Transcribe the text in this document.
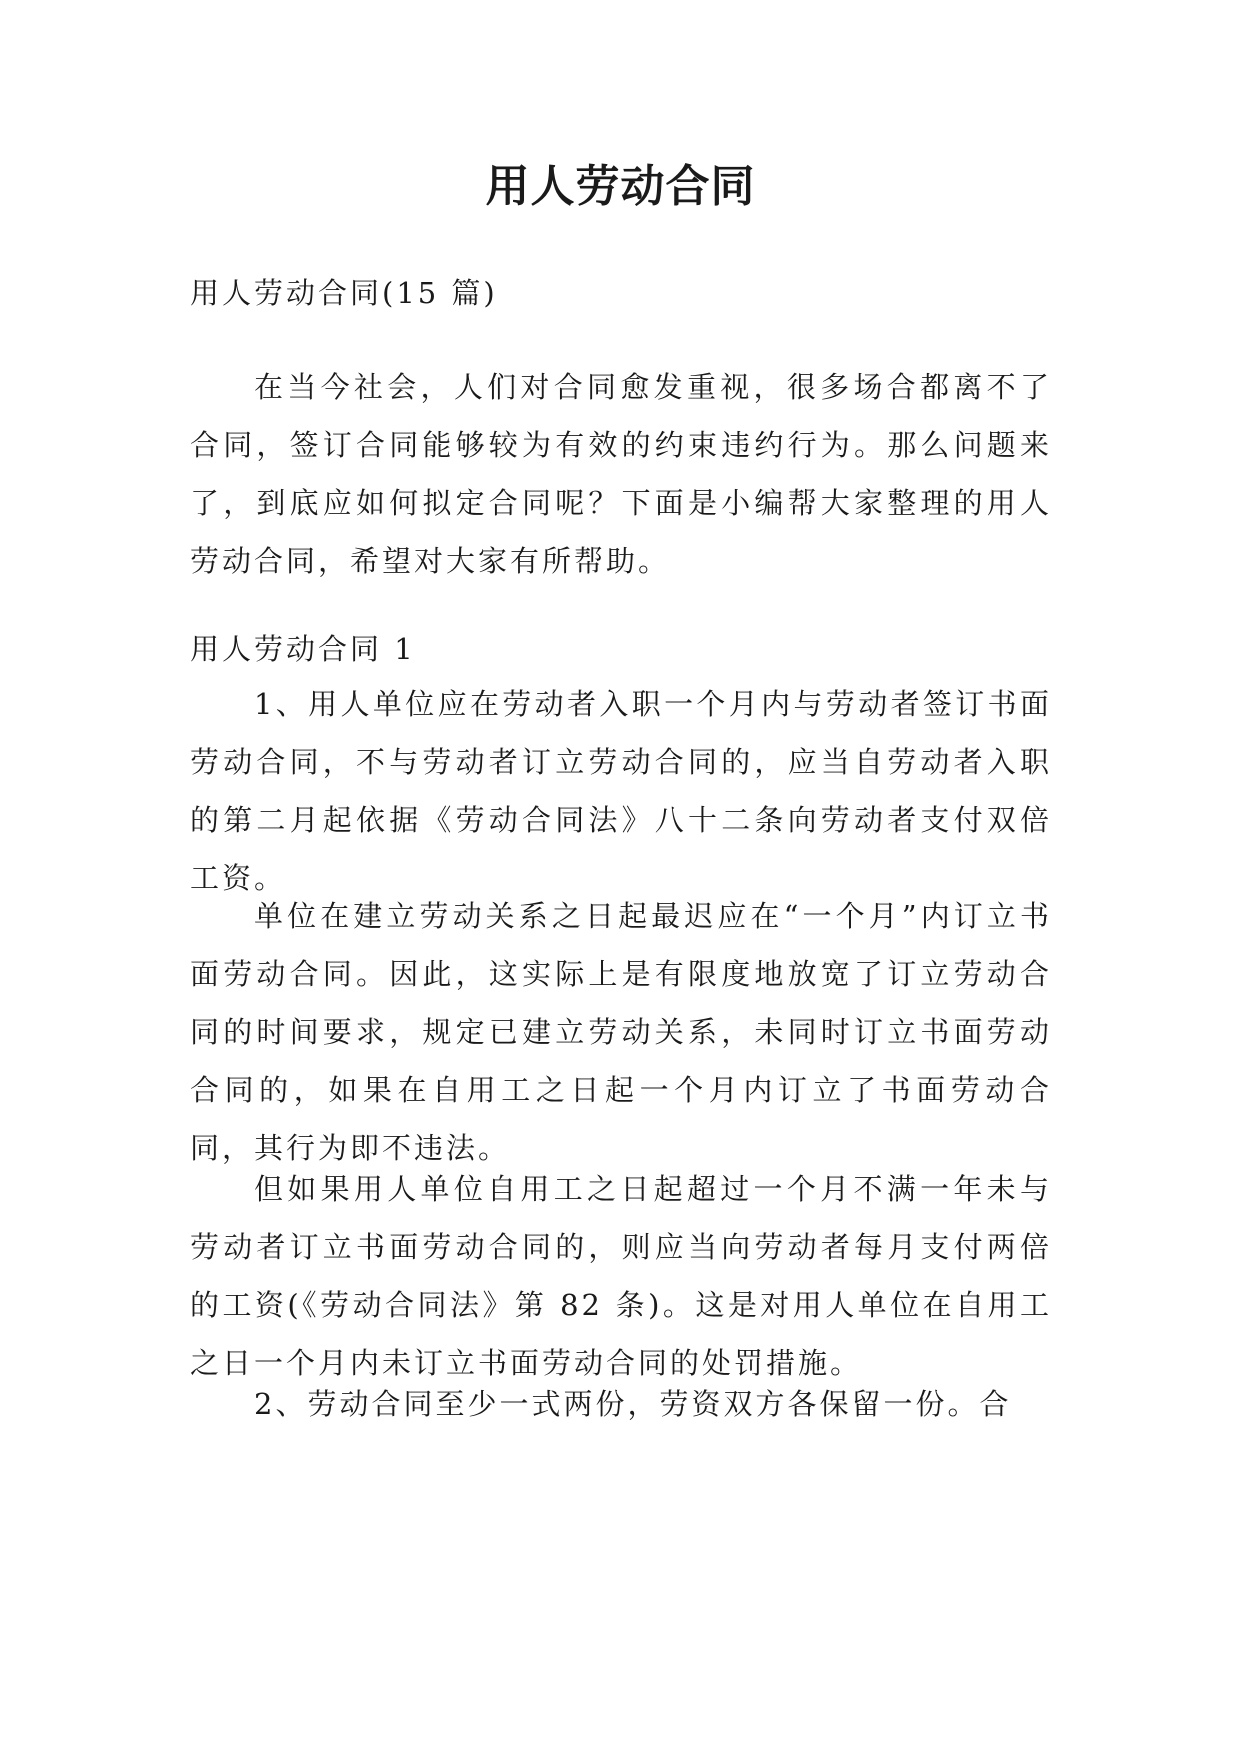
用人劳动合同

用人劳动合同(15 篇)

在当今社会，人们对合同愈发重视，很多场合都离不了合同，签订合同能够较为有效的约束违约行为。那么问题来了，到底应如何拟定合同呢？下面是小编帮大家整理的用人劳动合同，希望对大家有所帮助。

用人劳动合同 1

1、用人单位应在劳动者入职一个月内与劳动者签订书面劳动合同，不与劳动者订立劳动合同的，应当自劳动者入职的第二月起依据《劳动合同法》八十二条向劳动者支付双倍工资。

单位在建立劳动关系之日起最迟应在“一个月”内订立书面劳动合同。因此，这实际上是有限度地放宽了订立劳动合同的时间要求，规定已建立劳动关系，未同时订立书面劳动合同的，如果在自用工之日起一个月内订立了书面劳动合同，其行为即不违法。

但如果用人单位自用工之日起超过一个月不满一年未与劳动者订立书面劳动合同的，则应当向劳动者每月支付两倍的工资(《劳动合同法》第 82 条)。这是对用人单位在自用工之日一个月内未订立书面劳动合同的处罚措施。

2、劳动合同至少一式两份，劳资双方各保留一份。合
